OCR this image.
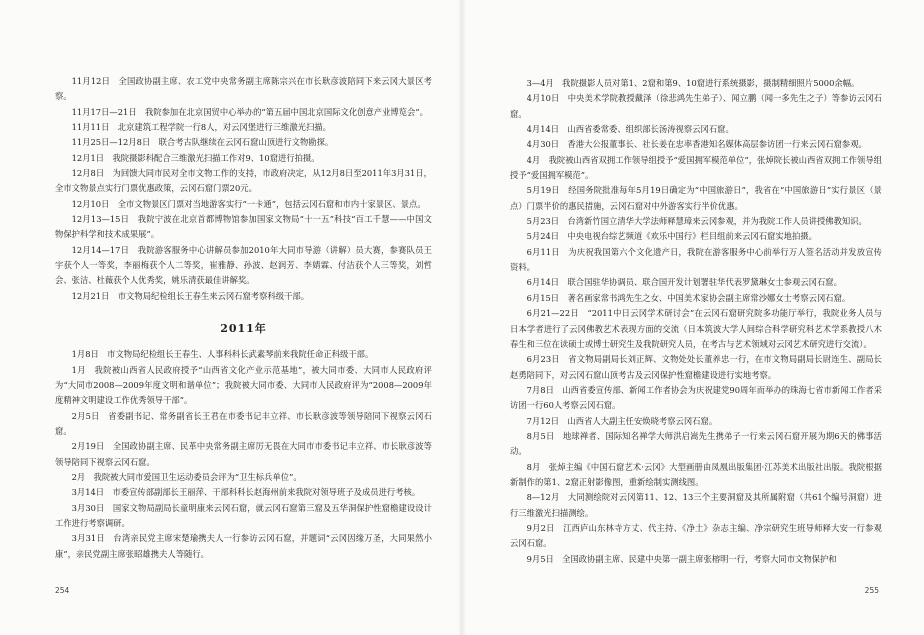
11月12日　全国政协副主席、农工党中央常务副主席陈宗兴在市长耿彦波陪同下来云冈大景区考察。

11月17日—21日　我院参加在北京国贸中心举办的“第五届中国北京国际文化创意产业博览会”。

11月11日　北京建筑工程学院一行8人，对云冈堡进行三维激光扫描。

11月25日—12月8日　联合考古队继续在云冈石窟山顶进行文物勘探。

12月1日　我院摄影科配合三维激光扫描工作对9、10窟进行拍摄。

12月8日　为回馈大同市民对全市文物工作的支持，市政府决定，从12月8日至2011年3月31日，全市文物景点实行门票优惠政策，云冈石窟门票20元。

12月10日　全市文物景区门票对当地游客实行“一卡通”，包括云冈石窟和市内十家景区、景点。

12月13—15日　我院宁波在北京首都博物馆参加国家文物局“十一五”科技“百工千慧——中国文物保护科学和技术成果展”。

12月14—17日　我院游客服务中心讲解员参加2010年大同市导游（讲解）员大赛，参赛队员王宇获个人一等奖，李丽梅获个人二等奖，崔雅静、孙波、赵润芳、李婧霖、付洁获个人三等奖，刘哲会、张洁、杜薇获个人优秀奖，姚乐清获最佳讲解奖。

12月21日　市文物局纪检组长王春生来云冈石窟考察科级干部。

2011年

1月8日　市文物局纪检组长王春生、人事科科长武素琴前来我院任命正科级干部。

1月　我院被山西省人民政府授予“山西省文化产业示范基地”，被大同市委、大同市人民政府评为“大同市2008—2009年度文明和谐单位”；我院被大同市委、大同市人民政府评为“2008—2009年度精神文明建设工作优秀领导干部”。

2月5日　省委副书记、常务副省长王君在市委书记丰立祥、市长耿彦波等领导陪同下视察云冈石窟。

2月19日　全国政协副主席、民革中央常务副主席厉无畏在大同市市委书记丰立祥、市长耿彦波等领导陪同下视察云冈石窟。

2月　我院被大同市爱国卫生运动委员会评为“卫生标兵单位”。

3月14日　市委宣传部副部长王丽萍、干部科科长赵海州前来我院对领导班子及成员进行考核。

3月30日　国家文物局副局长童明康来云冈石窟，就云冈石窟第三窟及五华洞保护性窟檐建设设计工作进行考察调研。

3月31日　台湾亲民党主席宋楚瑜携夫人一行参访云冈石窟，并题词“云冈因缘万圣，大同果然小康”，亲民党副主席张昭雄携夫人等随行。

254

3—4月　我院摄影人员对第1、2窟和第9、10窟进行系统摄影，摄制精细照片5000余幅。

4月10日　中央美术学院教授戴泽（徐悲鸿先生弟子）、闻立鹏（闻一多先生之子）等参访云冈石窟。

4月14日　山西省委常委、组织部长汤涛视察云冈石窟。

4月30日　香港大公报董事长、社长姜在忠率香港知名媒体高层参访团一行来云冈石窟参观。

4月　我院被山西省双拥工作领导组授予“爱国拥军模范单位”，张焯院长被山西省双拥工作领导组授予“爱国拥军模范”。

5月19日　经国务院批准每年5月19日确定为“中国旅游日”，我省在“中国旅游日”实行景区（景点）门票半价的惠民措施，云冈石窟对中外游客实行半价优惠。

5月23日　台湾新竹国立清华大学法师释慧璋来云冈参观，并为我院工作人员讲授佛教知识。

5月24日　中央电视台综艺频道《欢乐中国行》栏目组前来云冈石窟实地拍摄。

6月11日　为庆祝我国第六个文化遗产日，我院在游客服务中心前举行万人签名活动并发放宣传资料。

6月14日　联合国驻华协调员、联合国开发计划署驻华代表罗黛琳女士参观云冈石窟。

6月15日　著名画家常书鸿先生之女、中国美术家协会副主席常沙娜女士考察云冈石窟。

6月21—22日　“2011中日云冈学术研讨会”在云冈石窟研究院多功能厅举行，我院业务人员与日本学者进行了云冈佛教艺术表现方面的交流（日本筑波大学人间综合科学研究科艺术学系教授八木春生和三位在读硕士或博士研究生及我院研究人员，在考古与艺术领域对云冈艺术研究进行交流）。

6月23日　省文物局副局长刘正辉、文物处处长董养忠一行，在市文物局副局长尉连生、副局长赵勇陪同下，对云冈石窟山顶考古及云冈保护性窟檐建设进行实地考察。

7月8日　山西省委宣传部、新闻工作者协会为庆祝建党90周年而举办的珠海七省市新闻工作者采访团一行60人考察云冈石窟。

7月12日　山西省人大副主任安焕晓考察云冈石窟。

8月5日　地球禅者、国际知名禅学大师洪启嵩先生携弟子一行来云冈石窟开展为期6天的佛事活动。

8月　张焯主编《中国石窟艺术·云冈》大型画册由凤凰出版集团·江苏美术出版社出版。我院根据新制作的第1、2窟正射影像图，重新绘制实测线图。

8—12月　大同测绘院对云冈第11、12、13三个主要洞窟及其所属附窟（共61个编号洞窟）进行三维激光扫描测绘。

9月2日　江西庐山东林寺方丈、代主持、《净土》杂志主编、净宗研究生班导师释大安一行参观云冈石窟。

9月5日　全国政协副主席、民建中央第一副主席张榕明一行，考察大同市文物保护和

255
